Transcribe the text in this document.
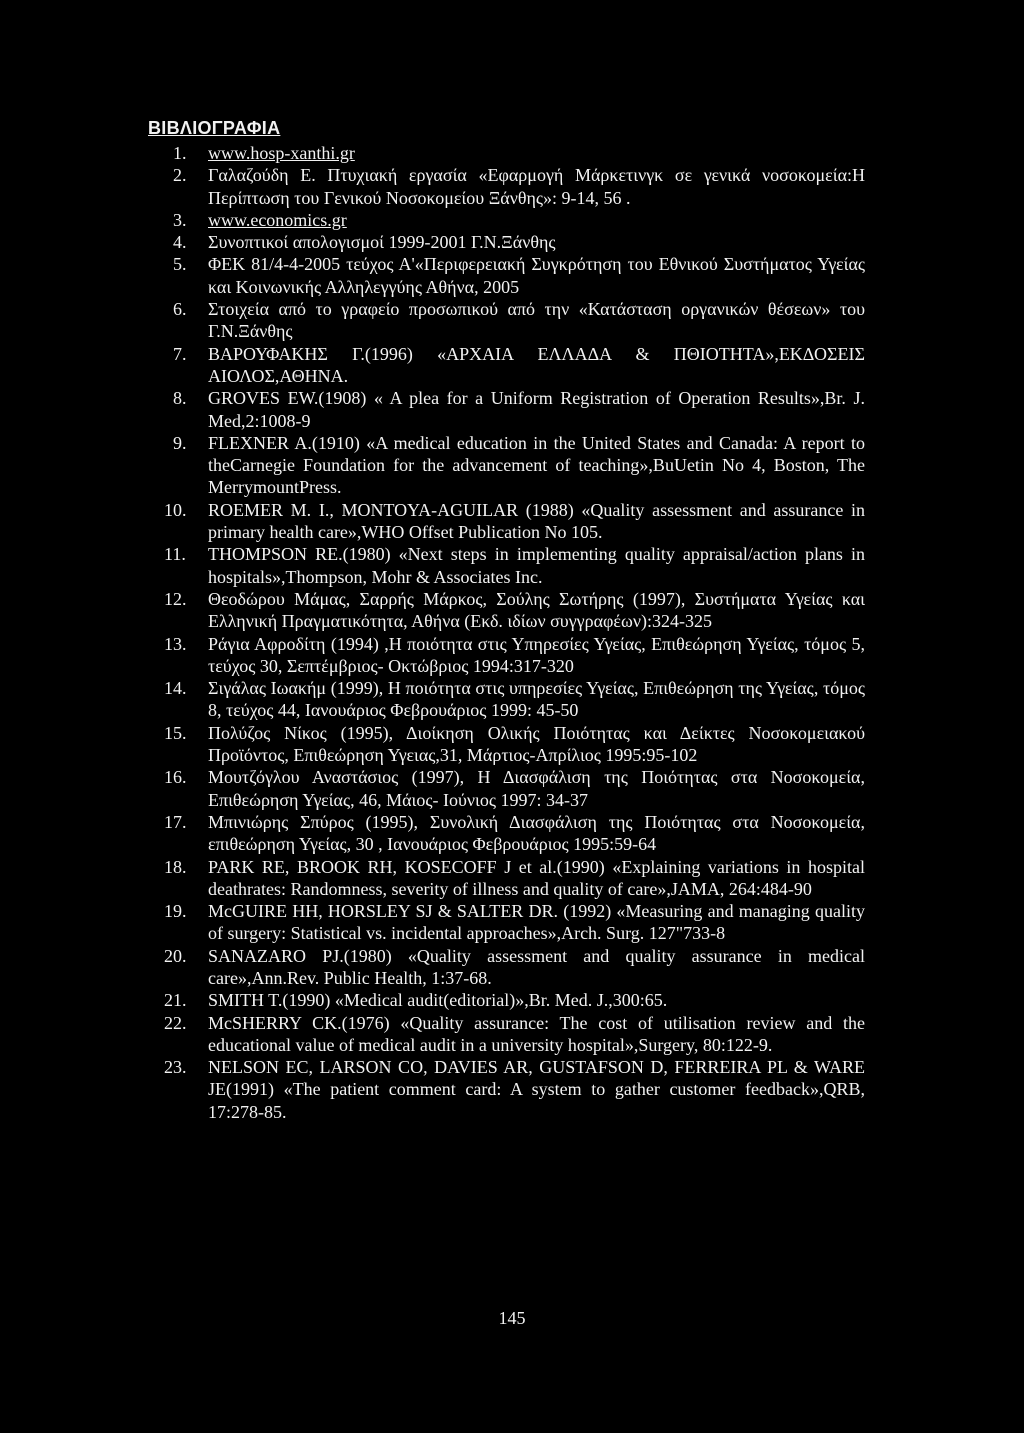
ΒΙΒΛΙΟΓΡΑΦΙΑ
1.	www.hosp-xanthi.gr
2.	Γαλαζούδη Ε. Πτυχιακή εργασία «Εφαρμογή Μάρκετινγκ σε γενικά νοσοκομεία:Η Περίπτωση του Γενικού Νοσοκομείου Ξάνθης»: 9-14, 56 .
3.	www.economics.gr
4.	Συνοπτικοί απολογισμοί 1999-2001 Γ.Ν.Ξάνθης
5.	ΦΕΚ 81/4-4-2005 τεύχος Α'«Περιφερειακή Συγκρότηση του Εθνικού Συστήματος Υγείας και Κοινωνικής Αλληλεγγύης Αθήνα, 2005
6.	Στοιχεία από το γραφείο προσωπικού από την «Κατάσταση οργανικών θέσεων» του Γ.Ν.Ξάνθης
7.	ΒΑΡΟΥΦΑΚΗΣ Γ.(1996) «ΑΡΧΑΙΑ ΕΛΛΑΔΑ & ΠΘΙΟΤΗΤΑ»,ΕΚΔΟΣΕΙΣ ΑΙΟΛΟΣ,ΑΘΗΝΑ.
8.	GROVES EW.(1908) « A plea for a Uniform Registration of Operation Results»,Br. J. Med,2:1008-9
9.	FLEXNER A.(1910) «A medical education in the United States and Canada: A report to theCarnegie Foundation for the advancement of teaching»,BuUetin No 4, Boston, The MerrymountPress.
10.	ROEMER M. I., MONTOYA-AGUILAR (1988) «Quality assessment and assurance in primary health care»,WHO Offset Publication No 105.
11.	THOMPSON RE.(1980) «Next steps in implementing quality appraisal/action plans in hospitals»,Thompson, Mohr & Associates Inc.
12.	Θεοδώρου Μάμας, Σαρρής Μάρκος, Σούλης Σωτήρης (1997), Συστήματα Υγείας και Ελληνική Πραγματικότητα, Αθήνα (Εκδ. ιδίων συγγραφέων):324-325
13.	Ράγια Αφροδίτη (1994) ,Η ποιότητα στις Υπηρεσίες Υγείας, Επιθεώρηση Υγείας, τόμος 5, τεύχος 30, Σεπτέμβριος- Οκτώβριος 1994:317-320
14.	Σιγάλας Ιωακήμ (1999), Η ποιότητα στις υπηρεσίες Υγείας, Επιθεώρηση της Υγείας, τόμος 8, τεύχος 44, Ιανουάριος Φεβρουάριος 1999: 45-50
15.	Πολύζος Νίκος (1995), Διοίκηση Ολικής Ποιότητας και Δείκτες Νοσοκομειακού Προϊόντος, Επιθεώρηση Υγειας,31, Μάρτιος-Απρίλιος 1995:95-102
16.	Μουτζόγλου Αναστάσιος (1997), Η Διασφάλιση της Ποιότητας στα Νοσοκομεία, Επιθεώρηση Υγείας, 46, Μάιος- Ιούνιος 1997: 34-37
17.	Μπινιώρης Σπύρος (1995), Συνολική Διασφάλιση της Ποιότητας στα Νοσοκομεία, επιθεώρηση Υγείας, 30 , Ιανουάριος Φεβρουάριος 1995:59-64
18.	PARK RE, BROOK RH, KOSECOFF J et al.(1990) «Explaining variations in hospital deathrates: Randomness, severity of illness and quality of care»,JAMA, 264:484-90
19.	McGUIRE HH, HORSLEY SJ & SALTER DR. (1992) «Measuring and managing quality of surgery: Statistical vs. incidental approaches»,Arch. Surg. 127"733-8
20.	SANAZARO PJ.(1980) «Quality assessment and quality assurance in medical care»,Ann.Rev. Public Health, 1:37-68.
21.	SMITH T.(1990) «Medical audit(editorial)»,Br. Med. J.,300:65.
22.	McSHERRY CK.(1976) «Quality assurance: The cost of utilisation review and the educational value of medical audit in a university hospital»,Surgery, 80:122-9.
23.	NELSON EC, LARSON CO, DAVIES AR, GUSTAFSON D, FERREIRA PL & WARE JE(1991) «The patient comment card: A system to gather customer feedback»,QRB, 17:278-85.

145
